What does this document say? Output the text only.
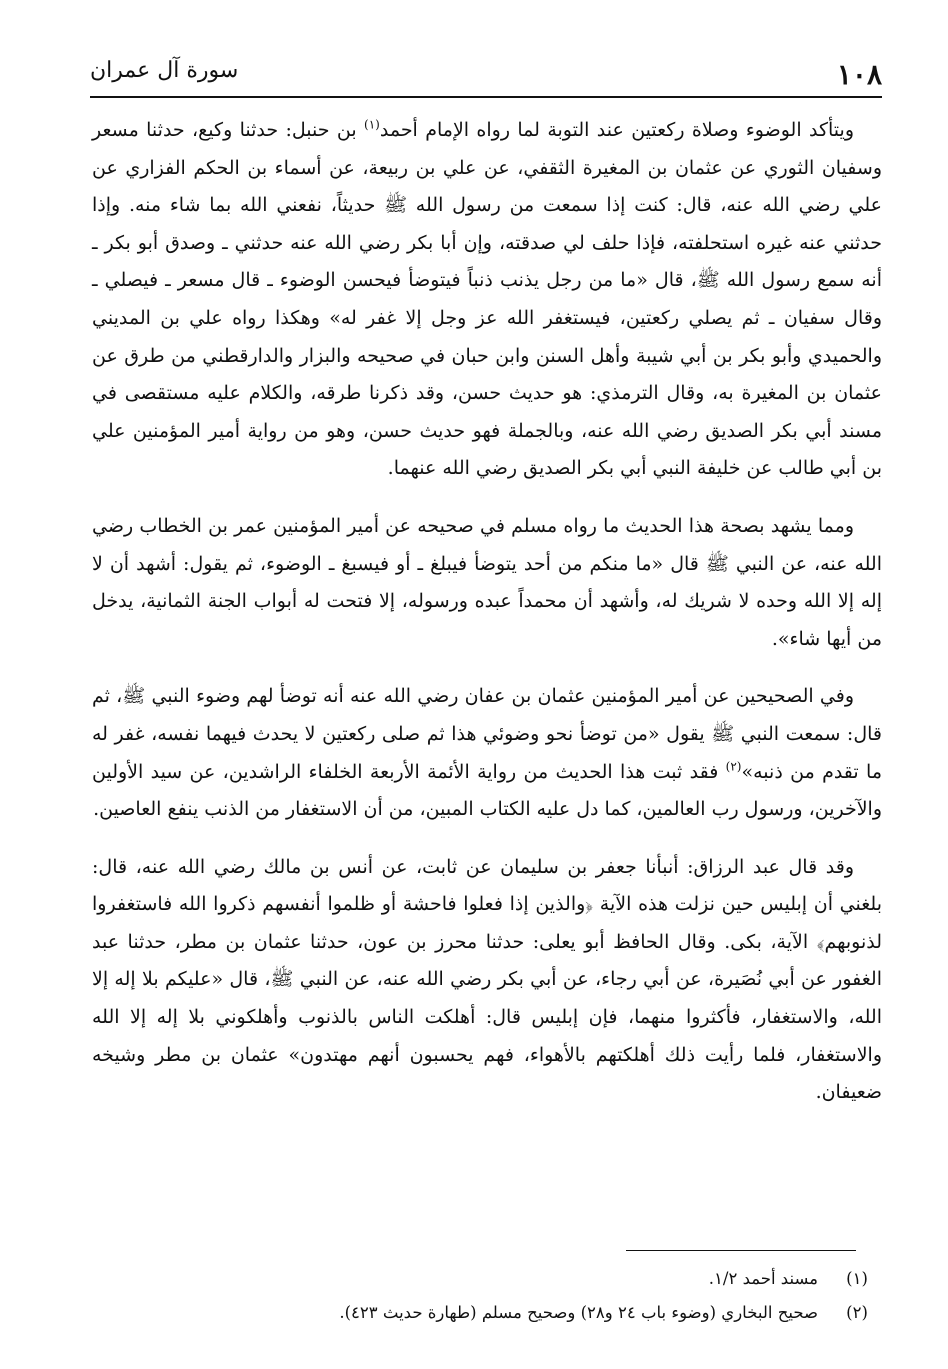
١٠٨
سورة آل عمران

ويتأكد الوضوء وصلاة ركعتين عند التوبة لما رواه الإمام أحمد$^{(١)}$ بن حنبل: حدثنا وكيع، حدثنا مسعر وسفيان الثوري عن عثمان بن المغيرة الثقفي، عن علي بن ربيعة، عن أسماء بن الحكم الفزاري عن علي رضي الله عنه، قال: كنت إذا سمعت من رسول الله ﷺ حديثاً، نفعني الله بما شاء منه. وإذا حدثني عنه غيره استحلفته، فإذا حلف لي صدقته، وإن أبا بكر رضي الله عنه حدثني ـ وصدق أبو بكر ـ أنه سمع رسول الله ﷺ، قال «ما من رجل يذنب ذنباً فيتوضأ فيحسن الوضوء ـ قال مسعر ـ فيصلي ـ وقال سفيان ـ ثم يصلي ركعتين، فيستغفر الله عز وجل إلا غفر له» وهكذا رواه علي بن المديني والحميدي وأبو بكر بن أبي شيبة وأهل السنن وابن حبان في صحيحه والبزار والدارقطني من طرق عن عثمان بن المغيرة به، وقال الترمذي: هو حديث حسن، وقد ذكرنا طرقه، والكلام عليه مستقصى في مسند أبي بكر الصديق رضي الله عنه، وبالجملة فهو حديث حسن، وهو من رواية أمير المؤمنين علي بن أبي طالب عن خليفة النبي أبي بكر الصديق رضي الله عنهما.

ومما يشهد بصحة هذا الحديث ما رواه مسلم في صحيحه عن أمير المؤمنين عمر بن الخطاب رضي الله عنه، عن النبي ﷺ قال «ما منكم من أحد يتوضأ فيبلغ ـ أو فيسبغ ـ الوضوء، ثم يقول: أشهد أن لا إله إلا الله وحده لا شريك له، وأشهد أن محمداً عبده ورسوله، إلا فتحت له أبواب الجنة الثمانية، يدخل من أيها شاء».

وفي الصحيحين عن أمير المؤمنين عثمان بن عفان رضي الله عنه أنه توضأ لهم وضوء النبي ﷺ، ثم قال: سمعت النبي ﷺ يقول «من توضأ نحو وضوئي هذا ثم صلى ركعتين لا يحدث فيهما نفسه، غفر له ما تقدم من ذنبه»$^{(٢)}$ فقد ثبت هذا الحديث من رواية الأئمة الأربعة الخلفاء الراشدين، عن سيد الأولين والآخرين، ورسول رب العالمين، كما دل عليه الكتاب المبين، من أن الاستغفار من الذنب ينفع العاصين.

وقد قال عبد الرزاق: أنبأنا جعفر بن سليمان عن ثابت، عن أنس بن مالك رضي الله عنه، قال: بلغني أن إبليس حين نزلت هذه الآية ﴿والذين إذا فعلوا فاحشة أو ظلموا أنفسهم ذكروا الله فاستغفروا لذنوبهم﴾ الآية، بكى. وقال الحافظ أبو يعلى: حدثنا محرز بن عون، حدثنا عثمان بن مطر، حدثنا عبد الغفور عن أبي نُصَيرة، عن أبي رجاء، عن أبي بكر رضي الله عنه، عن النبي ﷺ، قال «عليكم بلا إله إلا الله، والاستغفار، فأكثروا منهما، فإن إبليس قال: أهلكت الناس بالذنوب وأهلكوني بلا إله إلا الله والاستغفار، فلما رأيت ذلك أهلكتهم بالأهواء، فهم يحسبون أنهم مهتدون» عثمان بن مطر وشيخه ضعيفان.

(١)
مسند أحمد ١/٢.
(٢)
صحيح البخاري (وضوء باب ٢٤ و٢٨) وصحيح مسلم (طهارة حديث ٤٢٣).
